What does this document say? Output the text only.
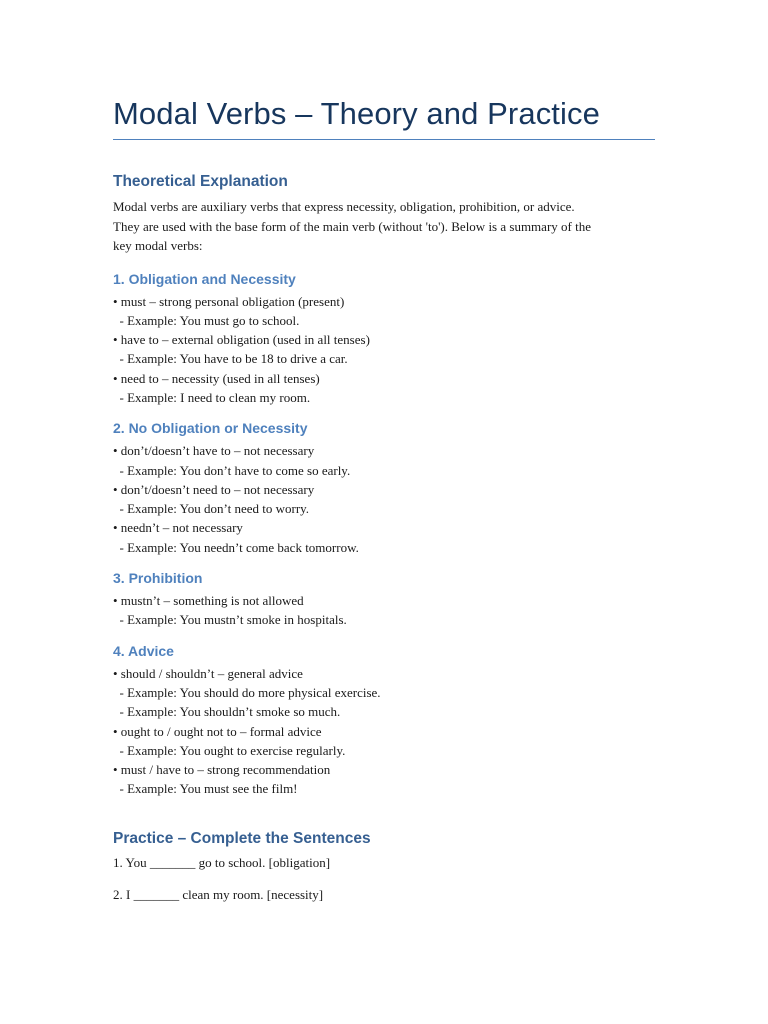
Modal Verbs – Theory and Practice
Theoretical Explanation

Modal verbs are auxiliary verbs that express necessity, obligation, prohibition, or advice.

They are used with the base form of the main verb (without 'to'). Below is a summary of the

key modal verbs:

1. Obligation and Necessity

• must – strong personal obligation (present)

- Example: You must go to school.

• have to – external obligation (used in all tenses)

- Example: You have to be 18 to drive a car.

• need to – necessity (used in all tenses)

- Example: I need to clean my room.

2. No Obligation or Necessity

• don’t/doesn’t have to – not necessary

- Example: You don’t have to come so early.

• don’t/doesn’t need to – not necessary

- Example: You don’t need to worry.

• needn’t – not necessary

- Example: You needn’t come back tomorrow.

3. Prohibition

• mustn’t – something is not allowed

- Example: You mustn’t smoke in hospitals.

4. Advice

• should / shouldn’t – general advice

- Example: You should do more physical exercise.

- Example: You shouldn’t smoke so much.

• ought to / ought not to – formal advice

- Example: You ought to exercise regularly.

• must / have to – strong recommendation

- Example: You must see the film!

Practice – Complete the Sentences

1. You _______ go to school. [obligation]

2. I _______ clean my room. [necessity]
